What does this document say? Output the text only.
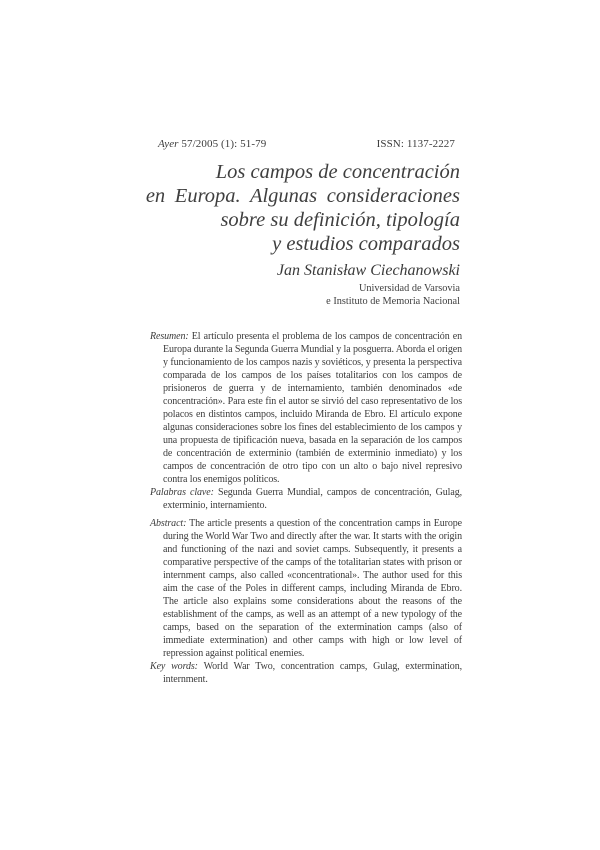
Ayer 57/2005 (1): 51-79	ISSN: 1137-2227
Los campos de concentración
en Europa. Algunas consideraciones
sobre su definición, tipología
y estudios comparados
Jan Stanisław Ciechanowski
Universidad de Varsovia
e Instituto de Memoria Nacional

Resumen: El artículo presenta el problema de los campos de concentración en Europa durante la Segunda Guerra Mundial y la posguerra. Aborda el origen y funcionamiento de los campos nazis y soviéticos, y presenta la perspectiva comparada de los campos de los países totalitarios con los campos de prisioneros de guerra y de internamiento, también denominados «de concentración». Para este fin el autor se sirvió del caso representativo de los polacos en distintos campos, incluido Miranda de Ebro. El artículo expone algunas consideraciones sobre los fines del establecimiento de los campos y una propuesta de tipificación nueva, basada en la separación de los campos de concentración de exterminio (también de exterminio inmediato) y los campos de concentración de otro tipo con un alto o bajo nivel represivo contra los enemigos políticos.

Palabras clave: Segunda Guerra Mundial, campos de concentración, Gulag, exterminio, internamiento.

Abstract: The article presents a question of the concentration camps in Europe during the World War Two and directly after the war. It starts with the origin and functioning of the nazi and soviet camps. Subsequently, it presents a comparative perspective of the camps of the totalitarian states with prison or internment camps, also called «concentrational». The author used for this aim the case of the Poles in different camps, including Miranda de Ebro. The article also explains some considerations about the reasons of the establishment of the camps, as well as an attempt of a new typology of the camps, based on the separation of the extermination camps (also of immediate extermination) and other camps with high or low level of repression against political enemies.

Key words: World War Two, concentration camps, Gulag, extermination, internment.
